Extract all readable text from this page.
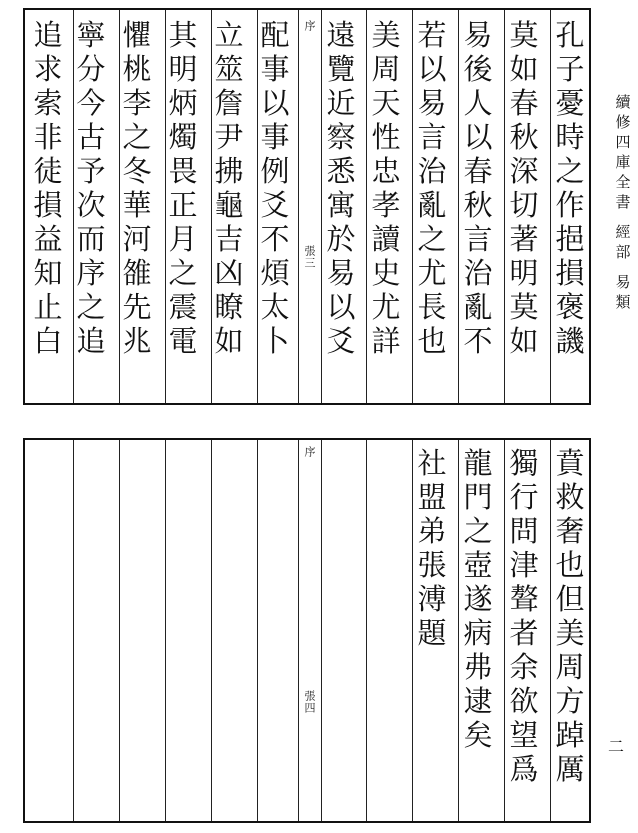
序
張三
孔
子
憂
時
之
作
挹
損
褒
譏
莫
如
春
秋
深
切
著
明
莫
如
易
後
人
以
春
秋
言
治
亂
不
若
以
易
言
治
亂
之
尤
長
也
美
周
天
性
忠
孝
讀
史
尤
詳
遠
覽
近
察
悉
寓
於
易
以
爻
配
事
以
事
例
爻
不
煩
太
卜
立
筮
詹
尹
拂
龜
吉
凶
瞭
如
其
明
炳
燭
畏
正
月
之
震
電
懼
桃
李
之
冬
華
河
雒
先
兆
寧
分
今
古
予
次
而
序
之
追
追
求
索
非
徒
損
益
知
止
白
序
張四
賁
救
奢
也
但
美
周
方
踔
厲
獨
行
問
津
聱
者
余
欲
望
爲
龍
門
之
壺
遂
病
弗
逮
矣
社
盟
弟
張
溥
題
續
修
四
庫
全
書
經
部
易
類
二
